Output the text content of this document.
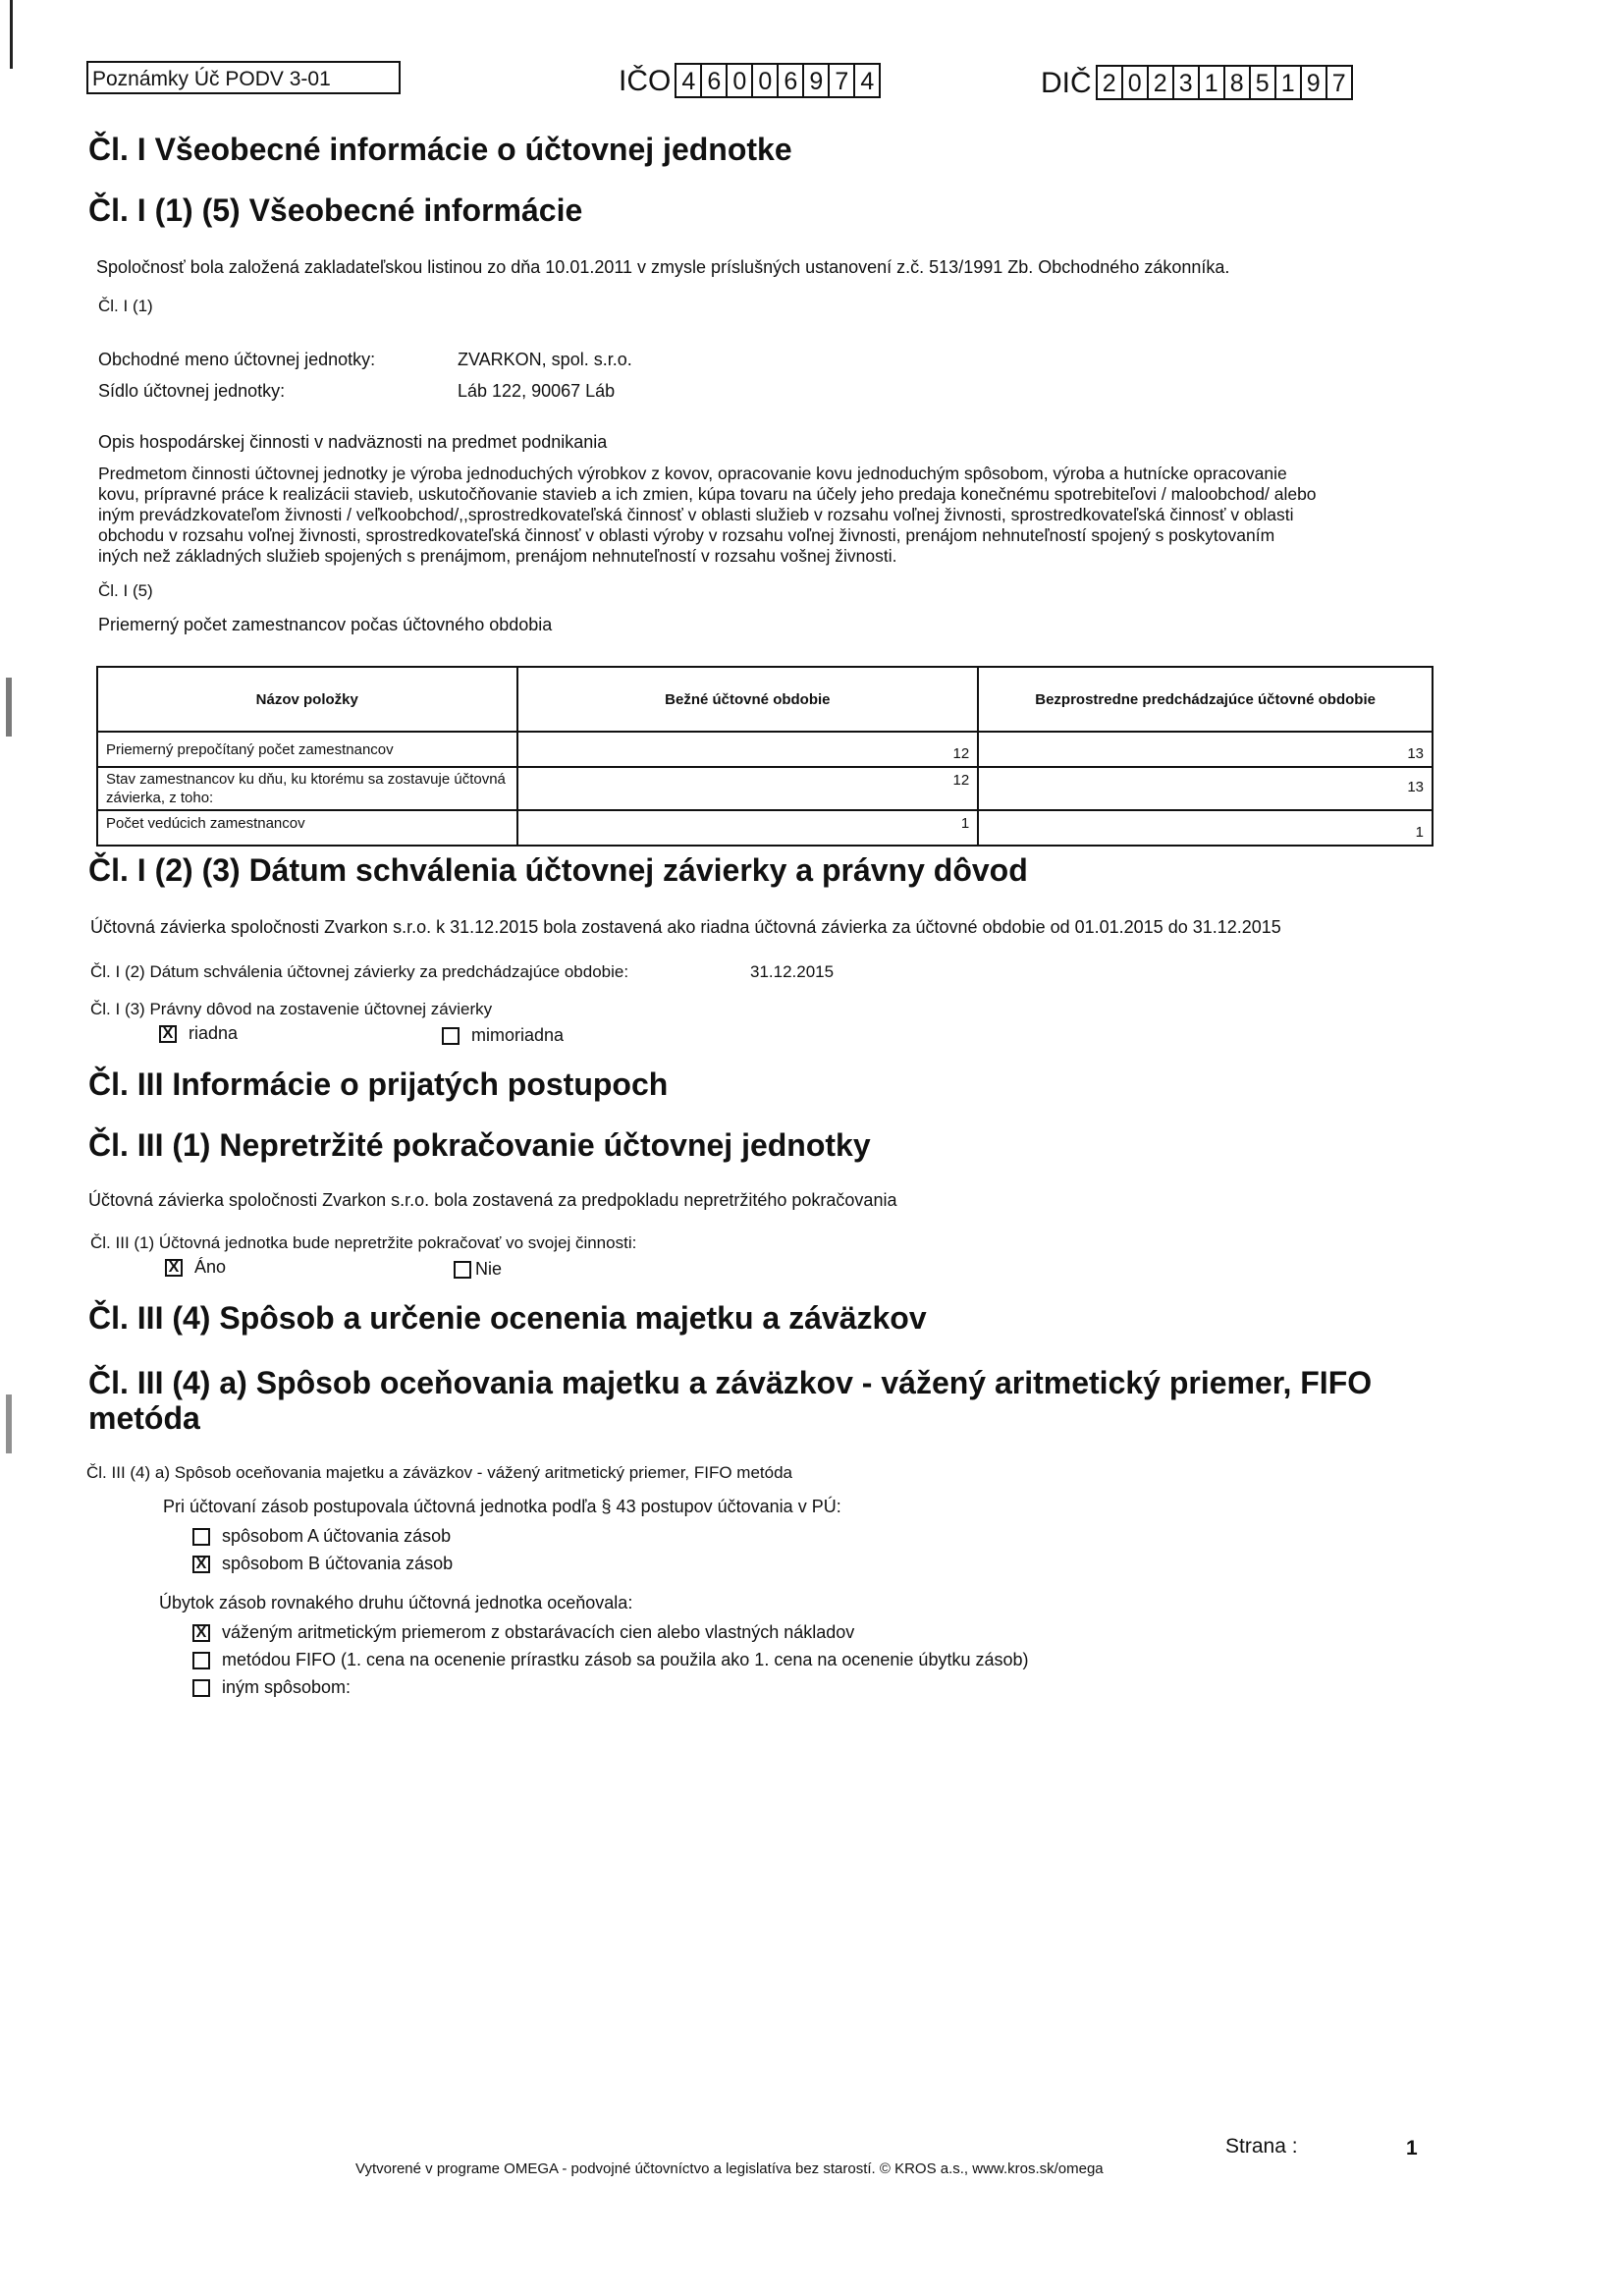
Poznámky Úč PODV 3-01	IČO 4 6 0 0 6 9 7 4	DIČ 2 0 2 3 1 8 5 1 9 7
Čl. I Všeobecné informácie o účtovnej jednotke
Čl. I (1) (5) Všeobecné informácie
Spoločnosť bola založená zakladateľskou listinou zo dňa 10.01.2011 v zmysle príslušných ustanovení z.č. 513/1991 Zb. Obchodného zákonníka.
Čl. I (1)
Obchodné meno účtovnej jednotky:	ZVARKON, spol. s.r.o.
Sídlo účtovnej jednotky:	Láb 122, 90067 Láb
Opis hospodárskej činnosti v nadväznosti na predmet podnikania
Predmetom činnosti účtovnej jednotky je výroba jednoduchých výrobkov z kovov, opracovanie kovu jednoduchým spôsobom, výroba a hutnícke opracovanie
kovu, prípravné práce k realizácii stavieb, uskutočňovanie stavieb a ich zmien, kúpa tovaru na účely jeho predaja konečnému spotrebiteľovi / maloobchod/ alebo
iným prevádzkovateľom živnosti / veľkoobchod/,,sprostredkovateľská činnosť v oblasti služieb v rozsahu voľnej živnosti, sprostredkovateľská činnosť v oblasti
obchodu v rozsahu voľnej živnosti, sprostredkovateľská činnosť v oblasti výroby v rozsahu voľnej živnosti, prenájom nehnuteľností spojený s poskytovaním
iných než základných služieb spojených s prenájmom, prenájom nehnuteľností v rozsahu vošnej živnosti.
Čl. I (5)
Priemerný počet zamestnancov počas účtovného obdobia
Názov položky	Bežné účtovné obdobie	Bezprostredne predchádzajúce účtovné obdobie
Priemerný prepočítaný počet zamestnancov	12	13
Stav zamestnancov ku dňu, ku ktorému sa zostavuje účtovná závierka, z toho:	12	13
Počet vedúcich zamestnancov	1	1
Čl. I (2) (3) Dátum schválenia účtovnej závierky a právny dôvod
Účtovná závierka spoločnosti Zvarkon s.r.o. k 31.12.2015 bola zostavená ako riadna účtovná závierka za účtovné obdobie od 01.01.2015 do 31.12.2015
Čl. I (2) Dátum schválenia účtovnej závierky za predchádzajúce obdobie:	31.12.2015
Čl. I (3) Právny dôvod na zostavenie účtovnej závierky
X riadna	mimoriadna
Čl. III Informácie o prijatých postupoch
Čl. III (1) Nepretržité pokračovanie účtovnej jednotky
Účtovná závierka spoločnosti Zvarkon s.r.o. bola zostavená za predpokladu nepretržitého pokračovania
Čl. III (1) Účtovná jednotka bude nepretržite pokračovať vo svojej činnosti:
X Áno	Nie
Čl. III (4) Spôsob a určenie ocenenia majetku a záväzkov
Čl. III (4) a) Spôsob oceňovania majetku a záväzkov - vážený aritmetický priemer, FIFO
metóda
Čl. III (4) a) Spôsob oceňovania majetku a záväzkov - vážený aritmetický priemer, FIFO metóda
Pri účtovaní zásob postupovala účtovná jednotka podľa § 43 postupov účtovania v PÚ:
spôsobom A účtovania zásob
X spôsobom B účtovania zásob
Úbytok zásob rovnakého druhu účtovná jednotka oceňovala:
X váženým aritmetickým priemerom z obstarávacích cien alebo vlastných nákladov
metódou FIFO (1. cena na ocenenie prírastku zásob sa použila ako 1. cena na ocenenie úbytku zásob)
iným spôsobom:
Strana :	1
Vytvorené v programe OMEGA - podvojné účtovníctvo a legislatíva bez starostí. © KROS a.s., www.kros.sk/omega
